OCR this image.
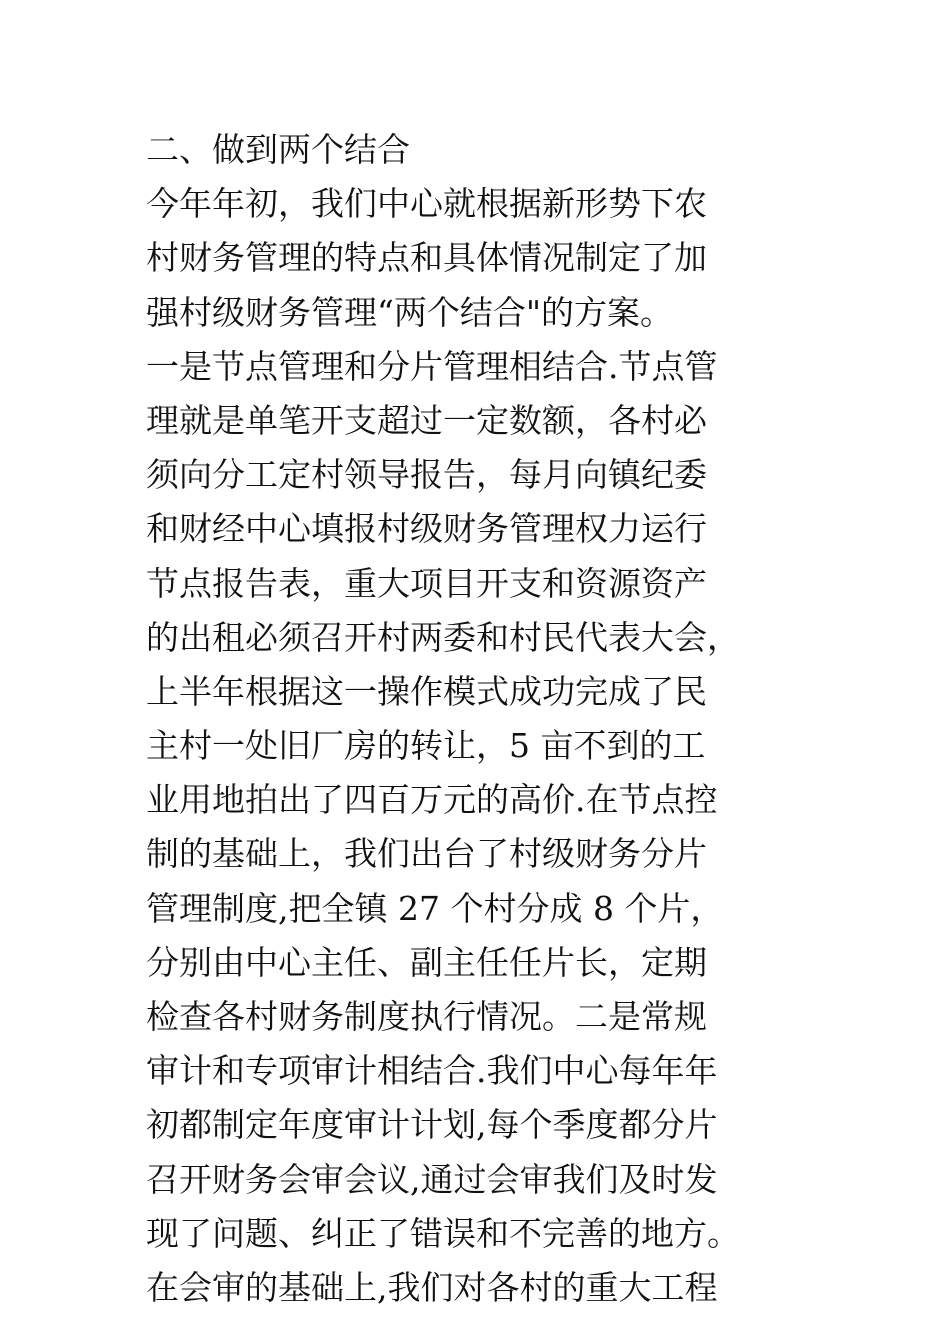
二、做到两个结合
今年年初，我们中心就根据新形势下农
村财务管理的特点和具体情况制定了加
强村级财务管理“两个结合"的方案。
一是节点管理和分片管理相结合.节点管
理就是单笔开支超过一定数额，各村必
须向分工定村领导报告，每月向镇纪委
和财经中心填报村级财务管理权力运行
节点报告表，重大项目开支和资源资产
的出租必须召开村两委和村民代表大会，
上半年根据这一操作模式成功完成了民
主村一处旧厂房的转让，5 亩不到的工
业用地拍出了四百万元的高价.在节点控
制的基础上，我们出台了村级财务分片
管理制度,把全镇 27 个村分成 8 个片，
分别由中心主任、副主任任片长，定期
检查各村财务制度执行情况。二是常规
审计和专项审计相结合.我们中心每年年
初都制定年度审计计划,每个季度都分片
召开财务会审会议,通过会审我们及时发
现了问题、纠正了错误和不完善的地方。
在会审的基础上,我们对各村的重大工程
